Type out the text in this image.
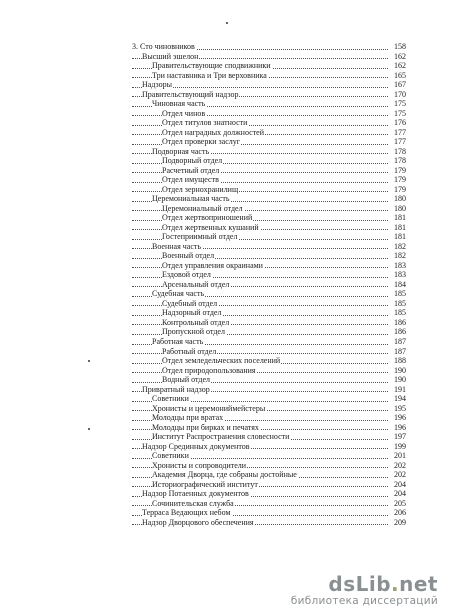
3. Сто чиновников	158
Высший эшелон	162
Правительствующие сподвижники	162
Три наставника и Три верховника	165
Надзоры	167
Правительствующий надзор	170
Чиновная часть	175
Отдел чинов	175
Отдел титулов знатности	176
Отдел наградных должностей	177
Отдел проверки заслуг	177
Подворная часть	178
Подворный отдел	178
Расчетный отдел	179
Отдел имуществ	179
Отдел зернохранилищ	179
Церемониальная часть	180
Церемониальный отдел	180
Отдел жертвоприношений	181
Отдел жертвенных кушаний	181
Гостеприимный отдел	181
Военная часть	182
Военный отдел	182
Отдел управления окраинами	183
Ездовой отдел	183
Арсенальный отдел	184
Судебная часть	185
Судебный отдел	185
Надзорный отдел	185
Контрольный отдел	186
Пропускной отдел	186
Работная часть	187
Работный отдел	187
Отдел земледельческих поселений	188
Отдел природопользования	190
Водный отдел	190
Привратный надзор	191
Советники	194
Хронисты и церемониймейстеры	195
Молодцы при вратах	196
Молодцы при бирках и печатях	196
Институт Распространения словесности	197
Надзор Срединных документов	199
Советники	201
Хронисты и сопроводители	202
Академия Дворца, где собраны достойные	202
Историографический институт	204
Надзор Потаенных документов	204
Сочинительская служба	205
Терраса Ведающих небом	206
Надзор Дворцового обеспечения	209
dsLib.net
библиотека диссертаций
